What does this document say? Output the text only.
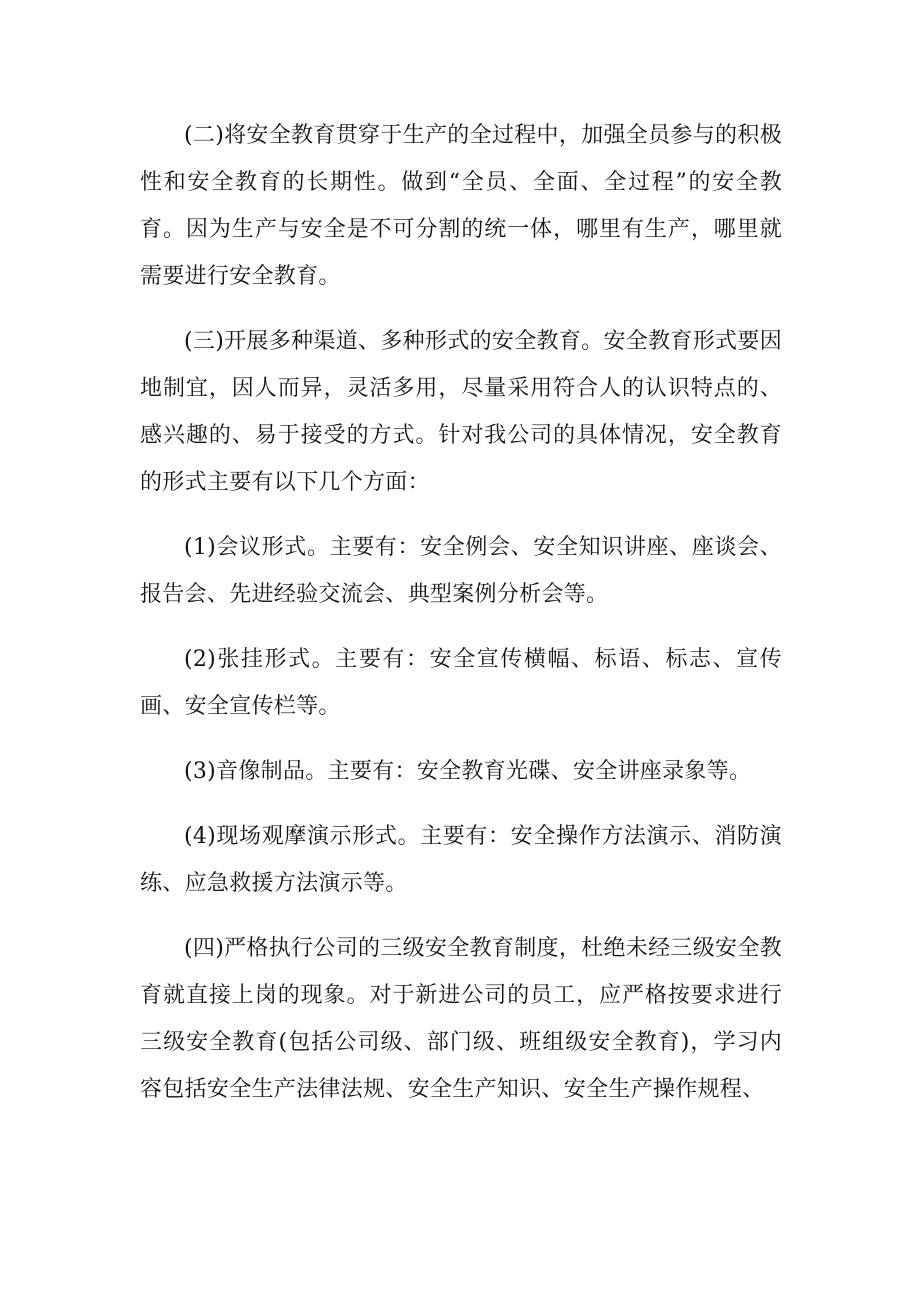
(二)将安全教育贯穿于生产的全过程中，加强全员参与的积极性和安全教育的长期性。做到“全员、全面、全过程”的安全教育。因为生产与安全是不可分割的统一体，哪里有生产，哪里就需要进行安全教育。

(三)开展多种渠道、多种形式的安全教育。安全教育形式要因地制宜，因人而异，灵活多用，尽量采用符合人的认识特点的、感兴趣的、易于接受的方式。针对我公司的具体情况，安全教育的形式主要有以下几个方面：

(1)会议形式。主要有：安全例会、安全知识讲座、座谈会、报告会、先进经验交流会、典型案例分析会等。

(2)张挂形式。主要有：安全宣传横幅、标语、标志、宣传画、安全宣传栏等。

(3)音像制品。主要有：安全教育光碟、安全讲座录象等。

(4)现场观摩演示形式。主要有：安全操作方法演示、消防演练、应急救援方法演示等。

(四)严格执行公司的三级安全教育制度，杜绝未经三级安全教育就直接上岗的现象。对于新进公司的员工，应严格按要求进行三级安全教育(包括公司级、部门级、班组级安全教育)，学习内容包括安全生产法律法规、安全生产知识、安全生产操作规程、
